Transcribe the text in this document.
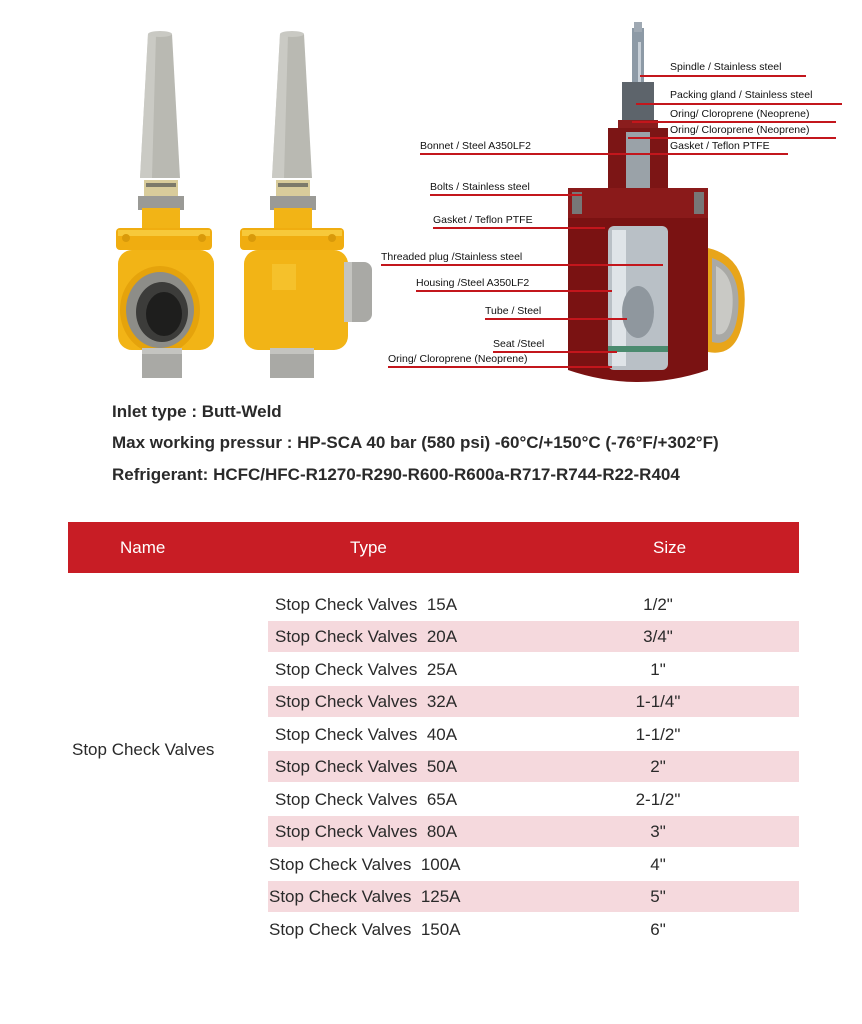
Spindle / Stainless steel
Packing gland / Stainless steel
Oring/ Cloroprene (Neoprene)
Oring/ Cloroprene (Neoprene)
Gasket / Teflon PTFE
Bonnet / Steel A350LF2
Bolts / Stainless steel
Gasket / Teflon PTFE
Threaded plug /Stainless steel
Housing /Steel A350LF2
Tube / Steel
Seat /Steel
Oring/ Cloroprene (Neoprene)
Inlet type : Butt-Weld
Max working pressur : HP-SCA 40 bar (580 psi) -60°C/+150°C (-76°F/+302°F)
Refrigerant: HCFC/HFC-R1270-R290-R600-R600a-R717-R744-R22-R404
Name	Type	Size
Stop Check Valves
Stop Check Valves  15A	1/2"
Stop Check Valves  20A	3/4"
Stop Check Valves  25A	1"
Stop Check Valves  32A	1-1/4"
Stop Check Valves  40A	1-1/2"
Stop Check Valves  50A	2"
Stop Check Valves  65A	2-1/2"
Stop Check Valves  80A	3"
Stop Check Valves  100A	4"
Stop Check Valves  125A	5"
Stop Check Valves  150A	6"
